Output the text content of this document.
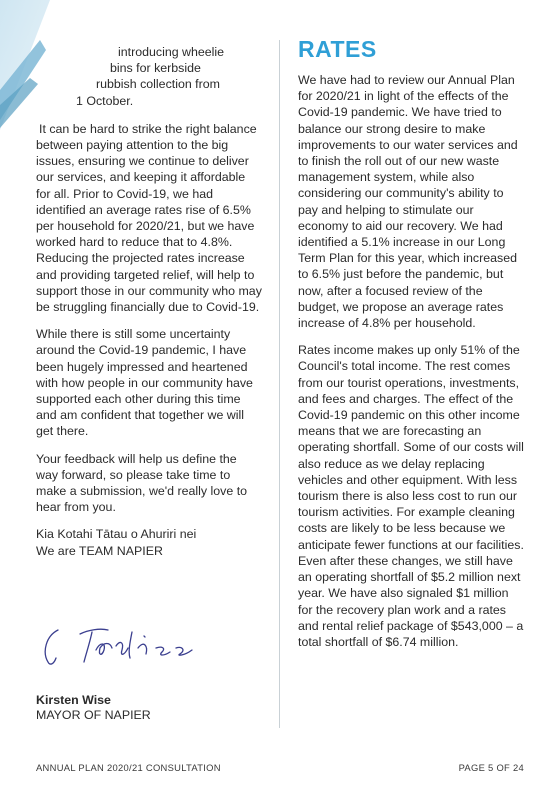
introducing wheelie
bins for kerbside
rubbish collection from
1 October.

It can be hard to strike the right balance between paying attention to the big issues, ensuring we continue to deliver our services, and keeping it affordable for all. Prior to Covid-19, we had identified an average rates rise of 6.5% per household for 2020/21, but we have worked hard to reduce that to 4.8%. Reducing the projected rates increase and providing targeted relief, will help to support those in our community who may be struggling financially due to Covid-19.

While there is still some uncertainty around the Covid-19 pandemic, I have been hugely impressed and heartened with how people in our community have supported each other during this time and am confident that together we will get there.

Your feedback will help us define the way forward, so please take time to make a submission, we'd really love to hear from you.

Kia Kotahi Tātau o Ahuriri nei
We are TEAM NAPIER

Kirsten Wise
MAYOR OF NAPIER
RATES

We have had to review our Annual Plan for 2020/21 in light of the effects of the Covid-19 pandemic. We have tried to balance our strong desire to make improvements to our water services and to finish the roll out of our new waste management system, while also considering our community's ability to pay and helping to stimulate our economy to aid our recovery. We had identified a 5.1% increase in our Long Term Plan for this year, which increased to 6.5% just before the pandemic, but now, after a focused review of the budget, we propose an average rates increase of 4.8% per household.

Rates income makes up only 51% of the Council's total income. The rest comes from our tourist operations, investments, and fees and charges. The effect of the Covid-19 pandemic on this other income means that we are forecasting an operating shortfall. Some of our costs will also reduce as we delay replacing vehicles and other equipment. With less tourism there is also less cost to run our tourism activities. For example cleaning costs are likely to be less because we anticipate fewer functions at our facilities. Even after these changes, we still have an operating shortfall of $5.2 million next year. We have also signaled $1 million for the recovery plan work and a rates and rental relief package of $543,000 – a total shortfall of $6.74 million.

ANNUAL PLAN 2020/21 CONSULTATION	PAGE 5 OF 24
